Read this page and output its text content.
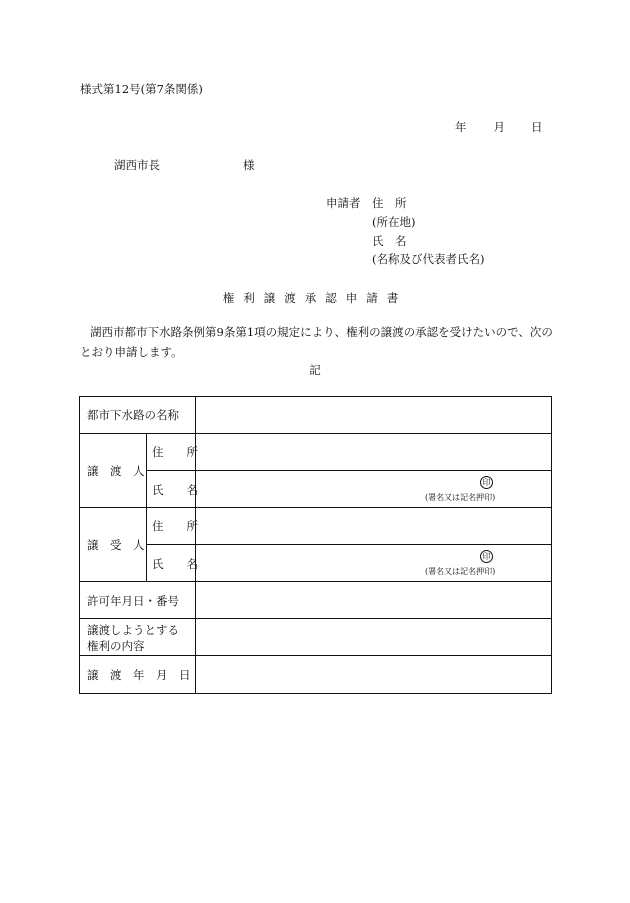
様式第12号(第7条関係)
年 月 日
湖西市長	様
申請者 住　所
(所在地)
氏　名
(名称及び代表者氏名)
権利譲渡承認申請書
湖西市都市下水路条例第9条第1項の規定により、権利の譲渡の承認を受けたいので、次のとおり申請します。
記
都市下水路の名称
譲　渡　人
住　　所
氏　　名
印
(署名又は記名押印)
譲　受　人
住　　所
氏　　名
印
(署名又は記名押印)
許可年月日・番号
譲渡しようとする
権利の内容
譲　渡　年　月　日
